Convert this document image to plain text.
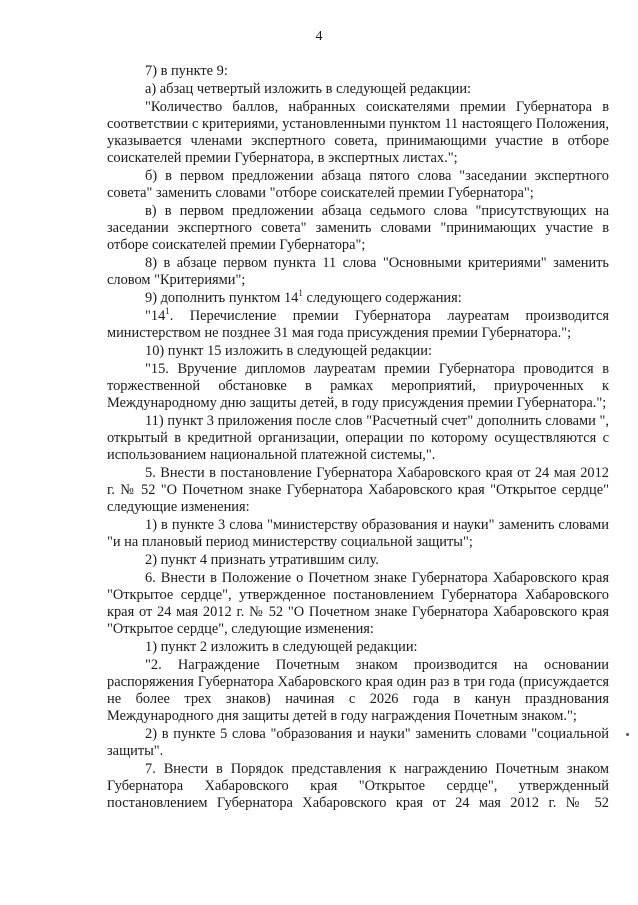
4

7) в пункте 9:

а) абзац четвертый изложить в следующей редакции:

"Количество баллов, набранных соискателями премии Губернатора в соответствии с критериями, установленными пунктом 11 настоящего Положения, указывается членами экспертного совета, принимающими участие в отборе соискателей премии Губернатора, в экспертных листах.";

б) в первом предложении абзаца пятого слова "заседании экспертного совета" заменить словами "отборе соискателей премии Губернатора";

в) в первом предложении абзаца седьмого слова "присутствующих на заседании экспертного совета" заменить словами "принимающих участие в отборе соискателей премии Губернатора";

8) в абзаце первом пункта 11 слова "Основными критериями" заменить словом "Критериями";

9) дополнить пунктом $14^1$ следующего содержания:

"$14^1$. Перечисление премии Губернатора лауреатам производится министерством не позднее 31 мая года присуждения премии Губернатора.";

10) пункт 15 изложить в следующей редакции:

"15. Вручение дипломов лауреатам премии Губернатора проводится в торжественной обстановке в рамках мероприятий, приуроченных к Международному дню защиты детей, в году присуждения премии Губернатора.";

11) пункт 3 приложения после слов "Расчетный счет" дополнить словами ", открытый в кредитной организации, операции по которому осуществляются с использованием национальной платежной системы,".

5. Внести в постановление Губернатора Хабаровского края от 24 мая 2012 г. № 52 "О Почетном знаке Губернатора Хабаровского края "Открытое сердце" следующие изменения:

1) в пункте 3 слова "министерству образования и науки" заменить словами "и на плановый период министерству социальной защиты";

2) пункт 4 признать утратившим силу.

6. Внести в Положение о Почетном знаке Губернатора Хабаровского края "Открытое сердце", утвержденное постановлением Губернатора Хабаровского края от 24 мая 2012 г. № 52 "О Почетном знаке Губернатора Хабаровского края "Открытое сердце", следующие изменения:

1) пункт 2 изложить в следующей редакции:

"2. Награждение Почетным знаком производится на основании распоряжения Губернатора Хабаровского края один раз в три года (присуждается не более трех знаков) начиная с 2026 года в канун празднования Международного дня защиты детей в году награждения Почетным знаком.";

2) в пункте 5 слова "образования и науки" заменить словами "социальной защиты".

7. Внести в Порядок представления к награждению Почетным знаком Губернатора Хабаровского края "Открытое сердце", утвержденный постановлением Губернатора Хабаровского края от 24 мая 2012 г. № 52
